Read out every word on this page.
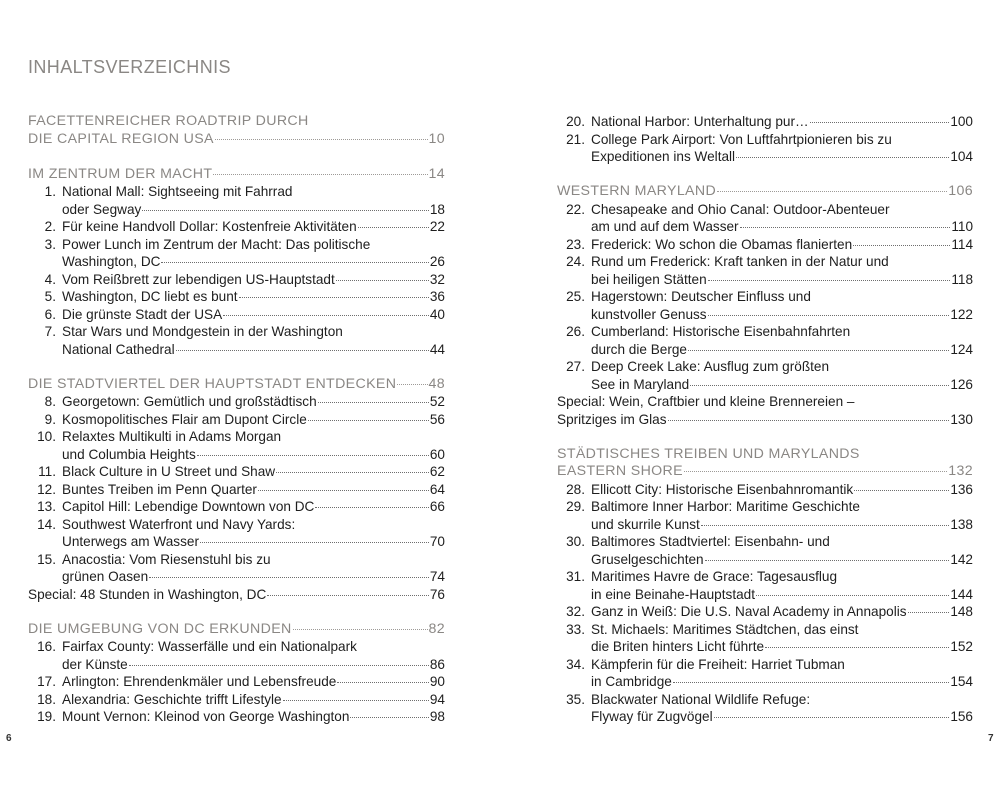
INHALTSVERZEICHNIS
FACETTENREICHER ROADTRIP DURCH
DIE CAPITAL REGION USA	10
IM ZENTRUM DER MACHT	14
1. National Mall: Sightseeing mit Fahrrad
oder Segway	18
2. Für keine Handvoll Dollar: Kostenfreie Aktivitäten	22
3. Power Lunch im Zentrum der Macht: Das politische
Washington, DC	26
4. Vom Reißbrett zur lebendigen US-Hauptstadt	32
5. Washington, DC liebt es bunt	36
6. Die grünste Stadt der USA	40
7. Star Wars und Mondgestein in der Washington
National Cathedral	44
DIE STADTVIERTEL DER HAUPTSTADT ENTDECKEN 48
8. Georgetown: Gemütlich und großstädtisch	52
9. Kosmopolitisches Flair am Dupont Circle	56
10. Relaxtes Multikulti in Adams Morgan
und Columbia Heights	60
11. Black Culture in U Street und Shaw	62
12. Buntes Treiben im Penn Quarter	64
13. Capitol Hill: Lebendige Downtown von DC	66
14. Southwest Waterfront und Navy Yards:
Unterwegs am Wasser	70
15. Anacostia: Vom Riesenstuhl bis zu
grünen Oasen	74
Special: 48 Stunden in Washington, DC	76
DIE UMGEBUNG VON DC ERKUNDEN	82
16. Fairfax County: Wasserfälle und ein Nationalpark
der Künste	86
17. Arlington: Ehrendenkmäler und Lebensfreude	90
18. Alexandria: Geschichte trifft Lifestyle	94
19. Mount Vernon: Kleinod von George Washington	98
20. National Harbor: Unterhaltung pur…	100
21. College Park Airport: Von Luftfahrtpionieren bis zu
Expeditionen ins Weltall	104
WESTERN MARYLAND	106
22. Chesapeake and Ohio Canal: Outdoor-Abenteuer
am und auf dem Wasser	110
23. Frederick: Wo schon die Obamas flanierten	114
24. Rund um Frederick: Kraft tanken in der Natur und
bei heiligen Stätten	118
25. Hagerstown: Deutscher Einfluss und
kunstvoller Genuss	122
26. Cumberland: Historische Eisenbahnfahrten
durch die Berge	124
27. Deep Creek Lake: Ausflug zum größten
See in Maryland	126
Special: Wein, Craftbier und kleine Brennereien –
Spritziges im Glas	130
STÄDTISCHES TREIBEN UND MARYLANDS
EASTERN SHORE	132
28. Ellicott City: Historische Eisenbahnromantik	136
29. Baltimore Inner Harbor: Maritime Geschichte
und skurrile Kunst	138
30. Baltimores Stadtviertel: Eisenbahn- und
Gruselgeschichten	142
31. Maritimes Havre de Grace: Tagesausflug
in eine Beinahe-Hauptstadt	144
32. Ganz in Weiß: Die U.S. Naval Academy in Annapolis	148
33. St. Michaels: Maritimes Städtchen, das einst
die Briten hinters Licht führte	152
34. Kämpferin für die Freiheit: Harriet Tubman
in Cambridge	154
35. Blackwater National Wildlife Refuge:
Flyway für Zugvögel	156
6	7
